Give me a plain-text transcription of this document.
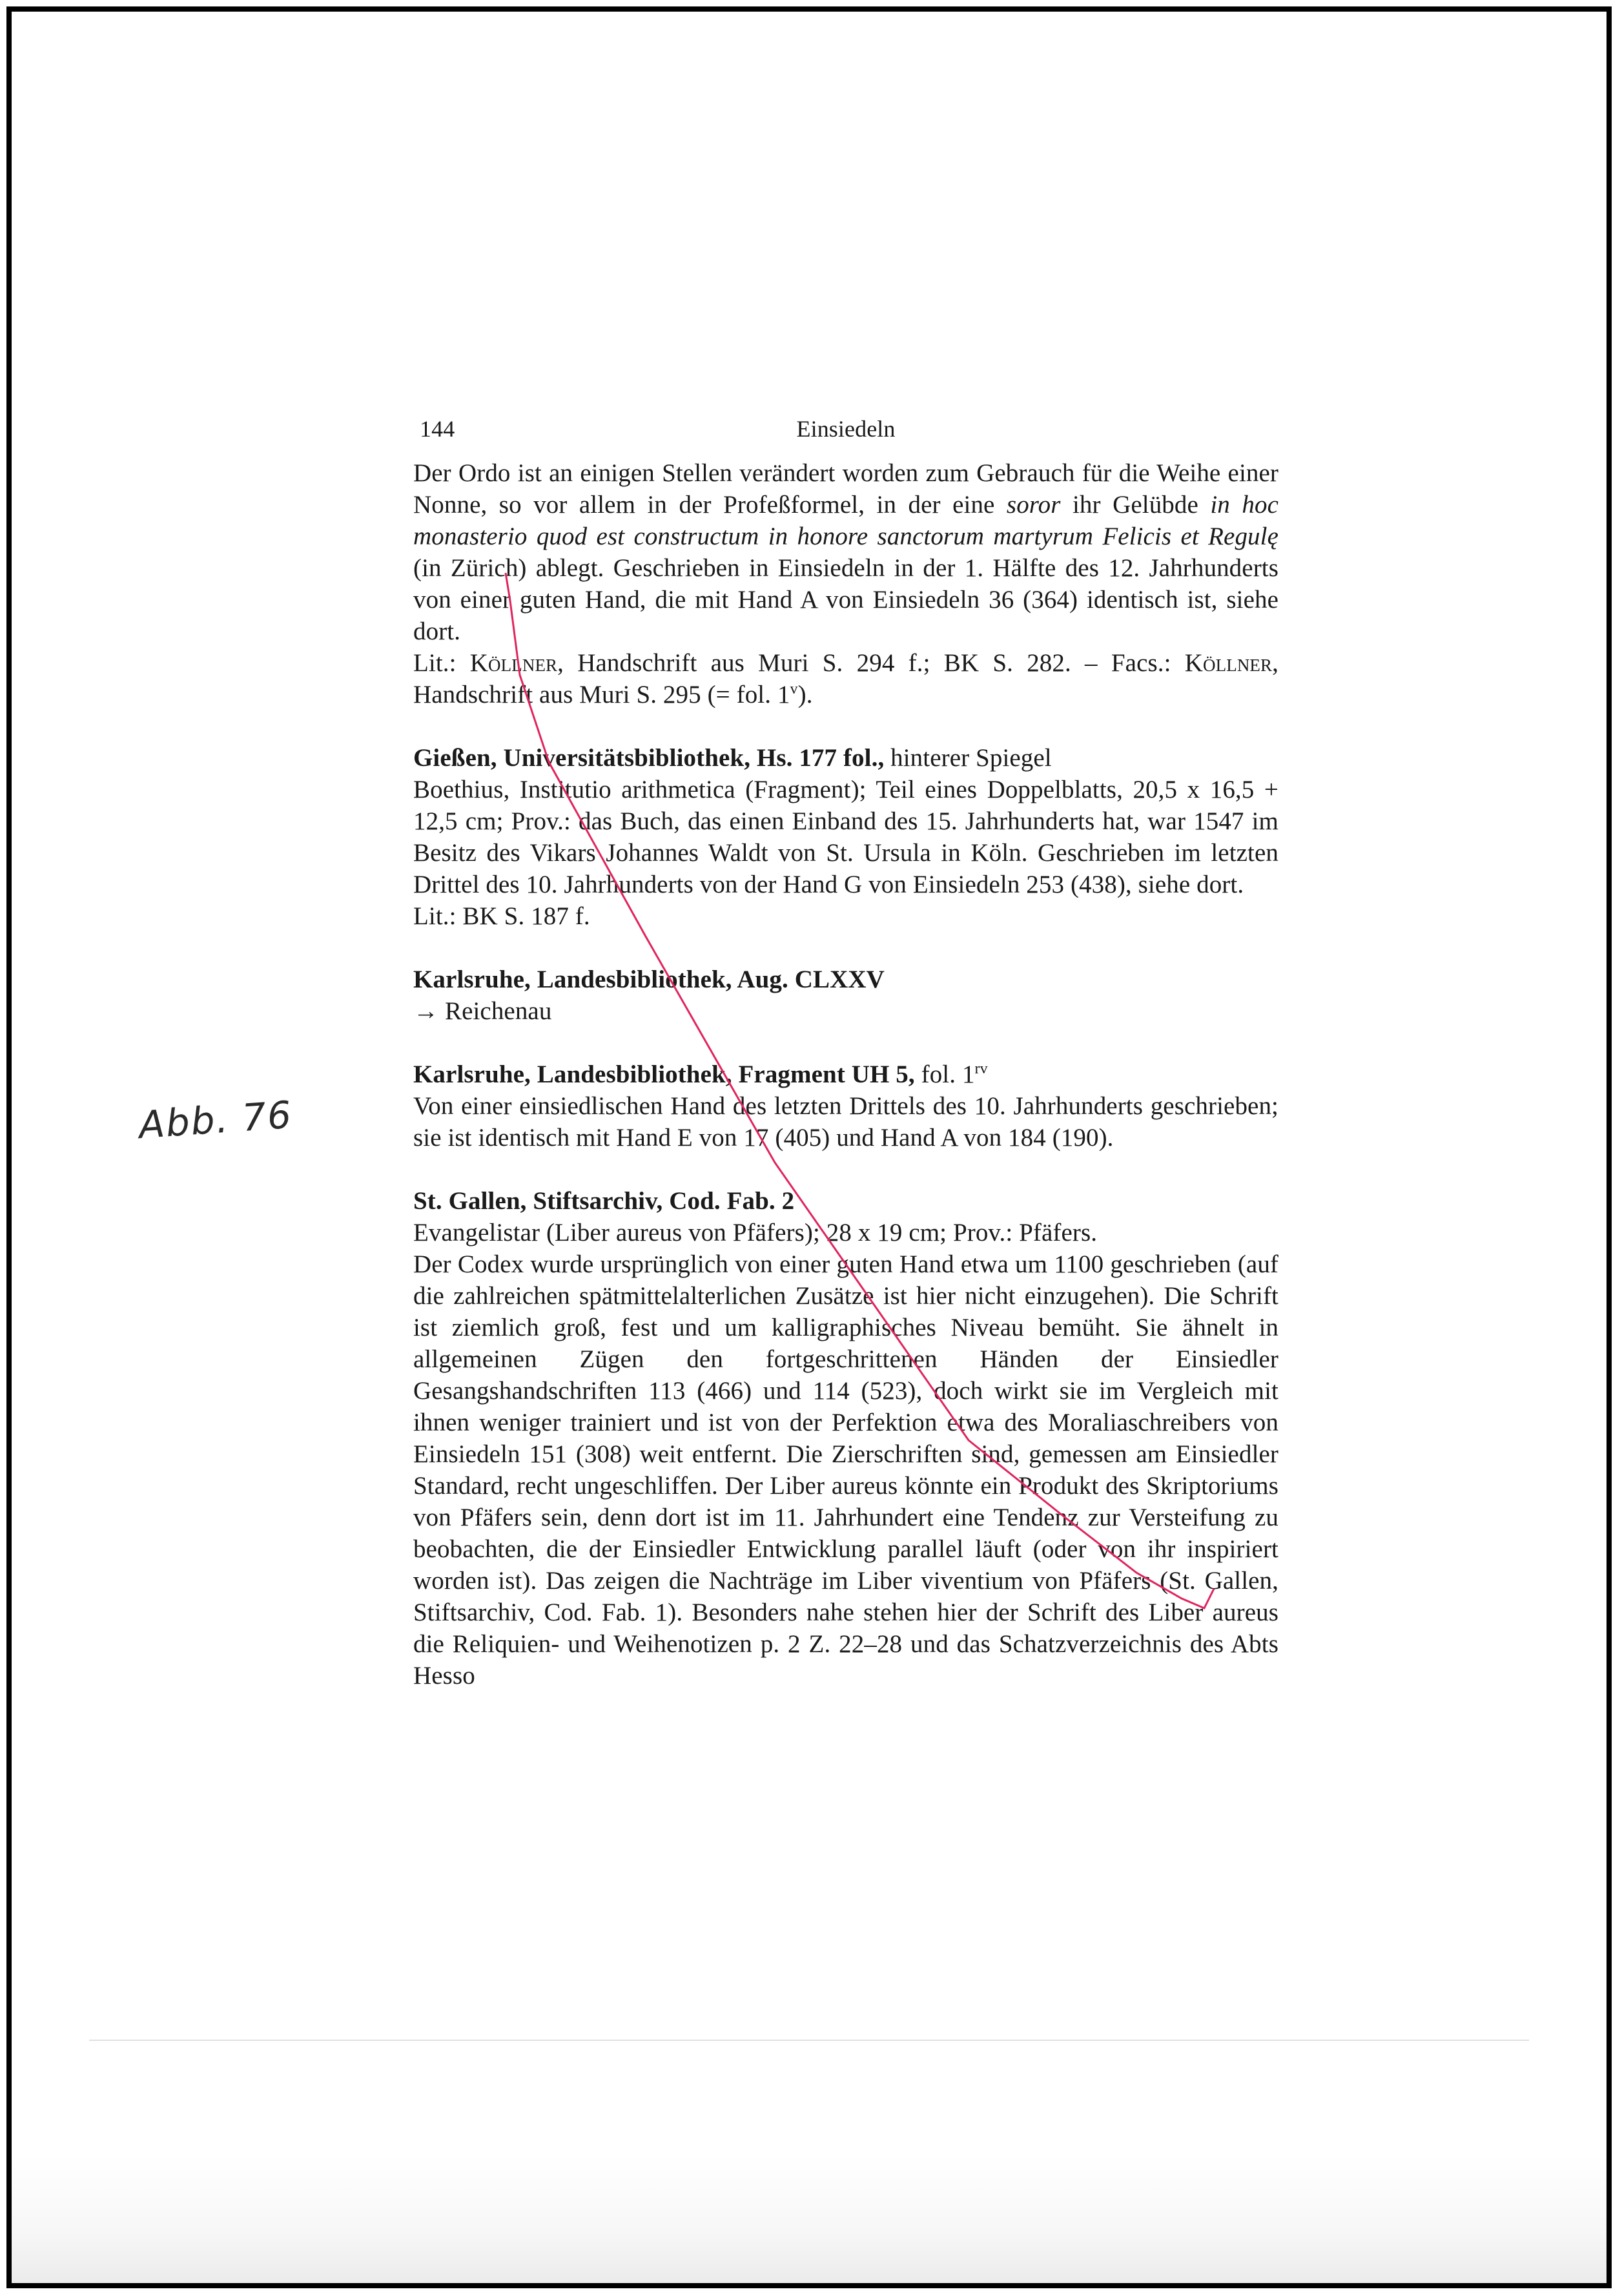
Abb. 76
144	Einsiedeln

Der Ordo ist an einigen Stellen verändert worden zum Gebrauch für die Weihe einer Nonne, so vor allem in der Profeßformel, in der eine soror ihr Gelübde in hoc monasterio quod est constructum in honore sanctorum martyrum Felicis et Regulę (in Zürich) ablegt. Geschrieben in Einsiedeln in der 1. Hälfte des 12. Jahrhunderts von einer guten Hand, die mit Hand A von Einsiedeln 36 (364) identisch ist, siehe dort.

Lit.: Köllner, Handschrift aus Muri S. 294 f.; BK S. 282. – Facs.: Köllner, Handschrift aus Muri S. 295 (= fol. 1$^v$).

Gießen, Universitätsbibliothek, Hs. 177 fol., hinterer Spiegel

Boethius, Institutio arithmetica (Fragment); Teil eines Doppelblatts, 20,5 x 16,5 + 12,5 cm; Prov.: das Buch, das einen Einband des 15. Jahrhunderts hat, war 1547 im Besitz des Vikars Johannes Waldt von St. Ursula in Köln. Geschrieben im letzten Drittel des 10. Jahrhunderts von der Hand G von Einsiedeln 253 (438), siehe dort.

Lit.: BK S. 187 f.

Karlsruhe, Landesbibliothek, Aug. CLXXV

→ Reichenau

Karlsruhe, Landesbibliothek, Fragment UH 5, fol. $1^{rv}$

Von einer einsiedlischen Hand des letzten Drittels des 10. Jahrhunderts geschrieben; sie ist identisch mit Hand E von 17 (405) und Hand A von 184 (190).

St. Gallen, Stiftsarchiv, Cod. Fab. 2

Evangelistar (Liber aureus von Pfäfers); 28 x 19 cm; Prov.: Pfäfers.

Der Codex wurde ursprünglich von einer guten Hand etwa um 1100 geschrieben (auf die zahlreichen spätmittelalterlichen Zusätze ist hier nicht einzugehen). Die Schrift ist ziemlich groß, fest und um kalligraphisches Niveau bemüht. Sie ähnelt in allgemeinen Zügen den fortgeschrittenen Händen der Einsiedler Gesangshandschriften 113 (466) und 114 (523), doch wirkt sie im Vergleich mit ihnen weniger trainiert und ist von der Perfektion etwa des Moraliaschreibers von Einsiedeln 151 (308) weit entfernt. Die Zierschriften sind, gemessen am Einsiedler Standard, recht ungeschliffen. Der Liber aureus könnte ein Produkt des Skriptoriums von Pfäfers sein, denn dort ist im 11. Jahrhundert eine Tendenz zur Versteifung zu beobachten, die der Einsiedler Entwicklung parallel läuft (oder von ihr inspiriert worden ist). Das zeigen die Nachträge im Liber viventium von Pfäfers (St. Gallen, Stiftsarchiv, Cod. Fab. 1). Besonders nahe stehen hier der Schrift des Liber aureus die Reliquien- und Weihenotizen p. 2 Z. 22–28 und das Schatzverzeichnis des Abts Hesso
